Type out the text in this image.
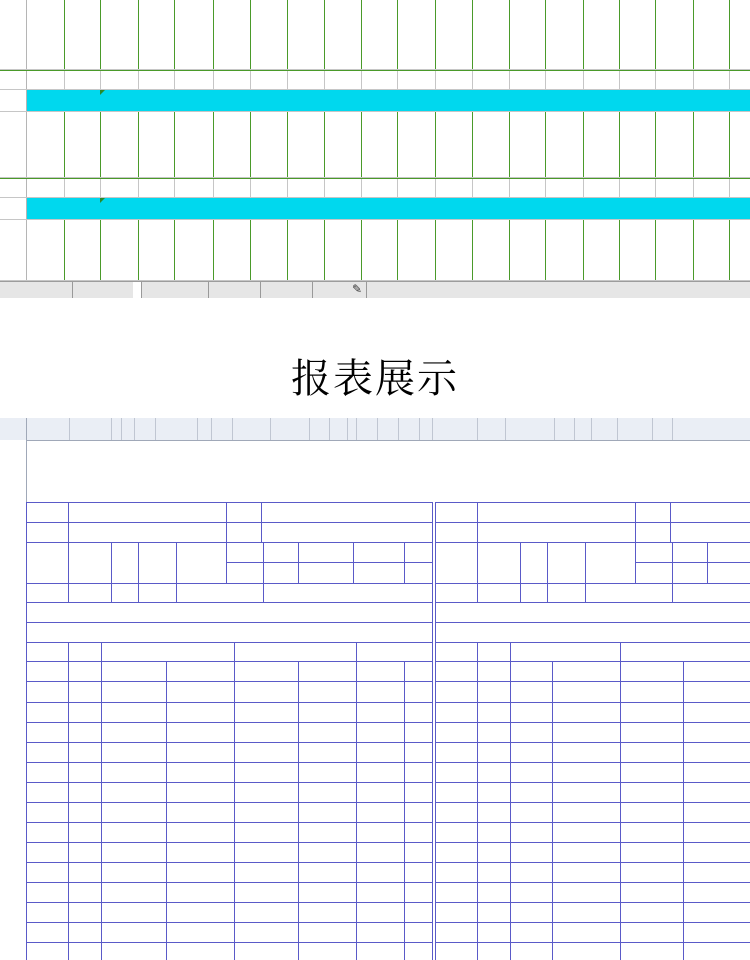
✎
报表展示
